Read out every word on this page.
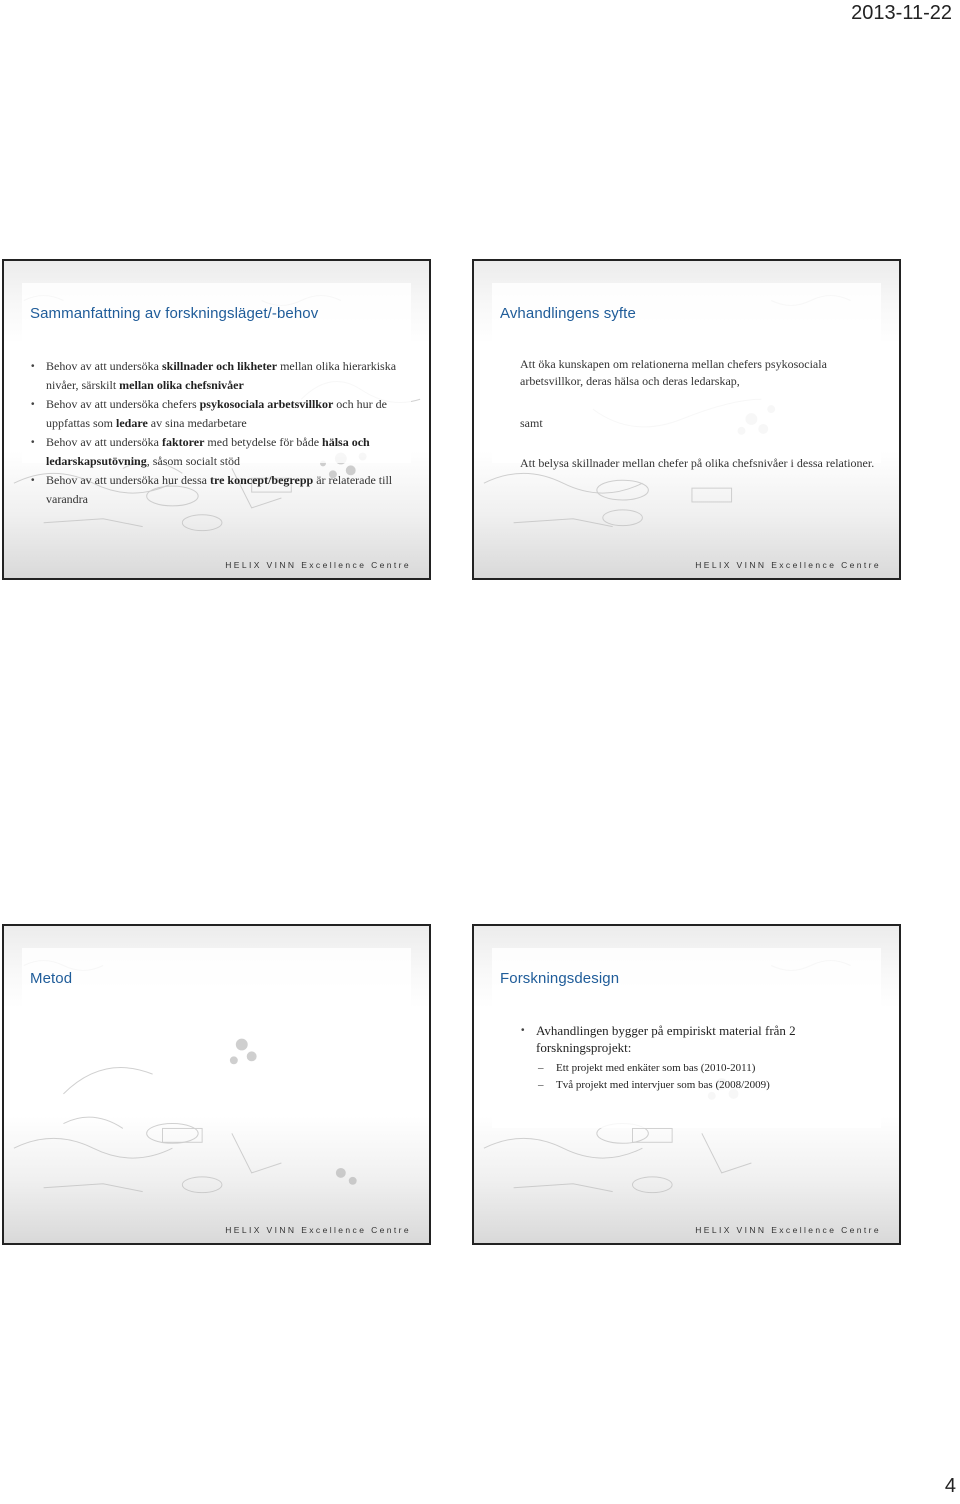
2013-11-22
Sammanfattning av forskningsläget/-behov
• Behov av att undersöka skillnader och likheter mellan olika hierarkiska nivåer, särskilt mellan olika chefsnivåer
• Behov av att undersöka chefers psykosociala arbetsvillkor och hur de uppfattas som ledare av sina medarbetare
• Behov av att undersöka faktorer med betydelse för både hälsa och ledarskapsutövning, såsom socialt stöd
• Behov av att undersöka hur dessa tre koncept/begrepp är relaterade till varandra
HELIX VINN Excellence Centre
Avhandlingens syfte

Att öka kunskapen om relationerna mellan chefers psykosociala arbetsvillkor, deras hälsa och deras ledarskap,

samt

Att belysa skillnader mellan chefer på olika chefsnivåer i dessa relationer.

HELIX VINN Excellence Centre
Metod
HELIX VINN Excellence Centre
Forskningsdesign
• Avhandlingen bygger på empiriskt material från 2 forskningsprojekt:
– Ett projekt med enkäter som bas (2010-2011)
– Två projekt med intervjuer som bas (2008/2009)
HELIX VINN Excellence Centre
4
